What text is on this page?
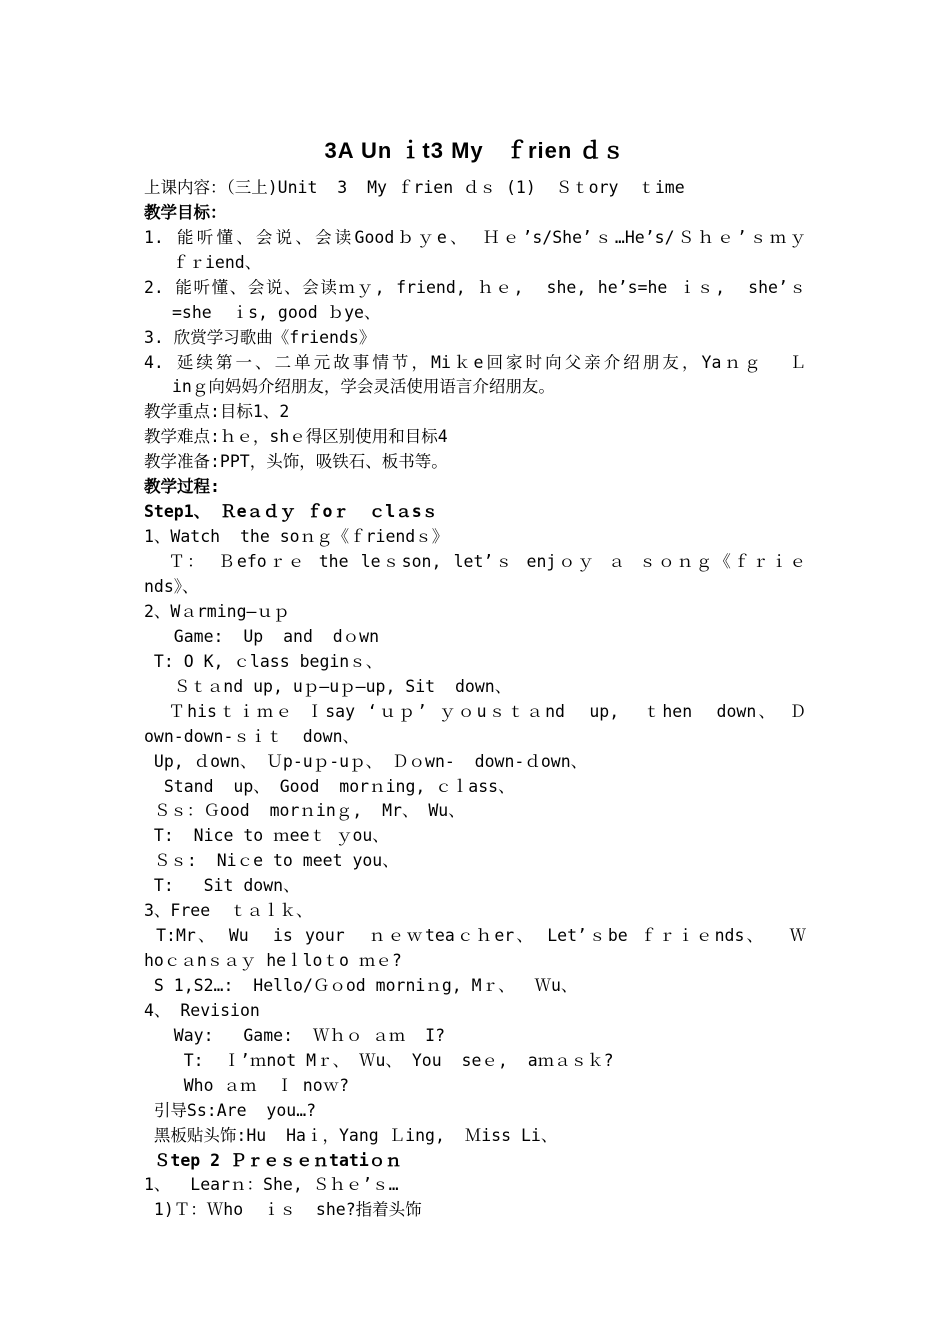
3A Un ｉt3 My   ｆrien ｄｓ
上课内容：（三上)Unit  3  My ｆrien ｄｓ (1)  Ｓｔory  ｔime
教学目标：
1. 能听懂、会说、会读Goodｂｙe、 Ｈｅ’s/She’ｓ…He’s/Ｓｈｅ’ｓｍｙ
ｆｒiend、
2. 能听懂、会说、会读ｍｙ, friend, ｈｅ,  she, he’s=he ｉｓ,  she’ｓ
=she  ｉs, good ｂye、
3. 欣赏学习歌曲《friends》
4. 延续第一、二单元故事情节，Miｋe回家时向父亲介绍朋友，Yaｎｇ  Ｌ
inｇ向妈妈介绍朋友，学会灵活使用语言介绍朋友。
教学重点:目标1、2
教学难点:ｈｅ，shｅ得区别使用和目标4
教学准备:PPT，头饰，吸铁石、板书等。
教学过程:
Step1、 Ｒeａｄｙ ｆoｒ  ｃlａsｓ
1、Watch  the soｎｇ《ｆriendｓ》
Ｔ： Ｂefoｒｅ the leｓson, let’ｓ enjｏｙ ａ ｓｏｎｇ《ｆｒｉｅ
nds》、
2、Wａrming—ｕｐ
Game:  Up  and  dｏwn
T: O K, ｃlass beginｓ、
Ｓｔａnd up, uｐ—uｐ—up, Sit  down、
Ｔhisｔｉｍｅ Ｉsay ‘ｕｐ’ ｙｏuｓｔａnd  up,  ｔhen  down、 Ｄ
own-down-ｓｉｔ  down、
Up, ｄown、 Ｕp-uｐ-uｐ、 Ｄｏwn-  down-ｄown、
Stand  up、 Good  morｎing, ｃｌass、
Ｓｓ：Ｇood  morｎinｇ,  Mr、 Wu、
T:  Nice to ｍeeｔ ｙou、
Ｓｓ:  Niｃe to meet you、
T:   Sit down、
3、Free  ｔａｌｋ、
T:Mr、 Wu  is your  ｎｅｗteaｃｈer、 Let’ｓbe ｆｒｉｅnds、  Ｗ
hoｃａnｓａｙ heｌloｔo ｍｅ?
S 1,S2…:  Hello/Ｇｏod morniｎg, Mｒ、  Ｗu、
4、 Revision
Way:   Game:  Ｗｈｏ ａｍ  I?
T:  Ｉ’ｍnot Mｒ、 Ｗu、 You  seｅ,  aｍａｓｋ?
Who ａｍ  Ｉ noｗ?
引导Ss:Are  you…?
黑板贴头饰:Hu  Haｉ，Yang Ｌing,  Ｍiss Li、
Ｓtep 2 Ｐｒｅｓｅｎtatiｏｎ
1、  Learｎ：She, Ｓｈｅ’ｓ…
1)Ｔ：Ｗho  ｉｓ  she?指着头饰
